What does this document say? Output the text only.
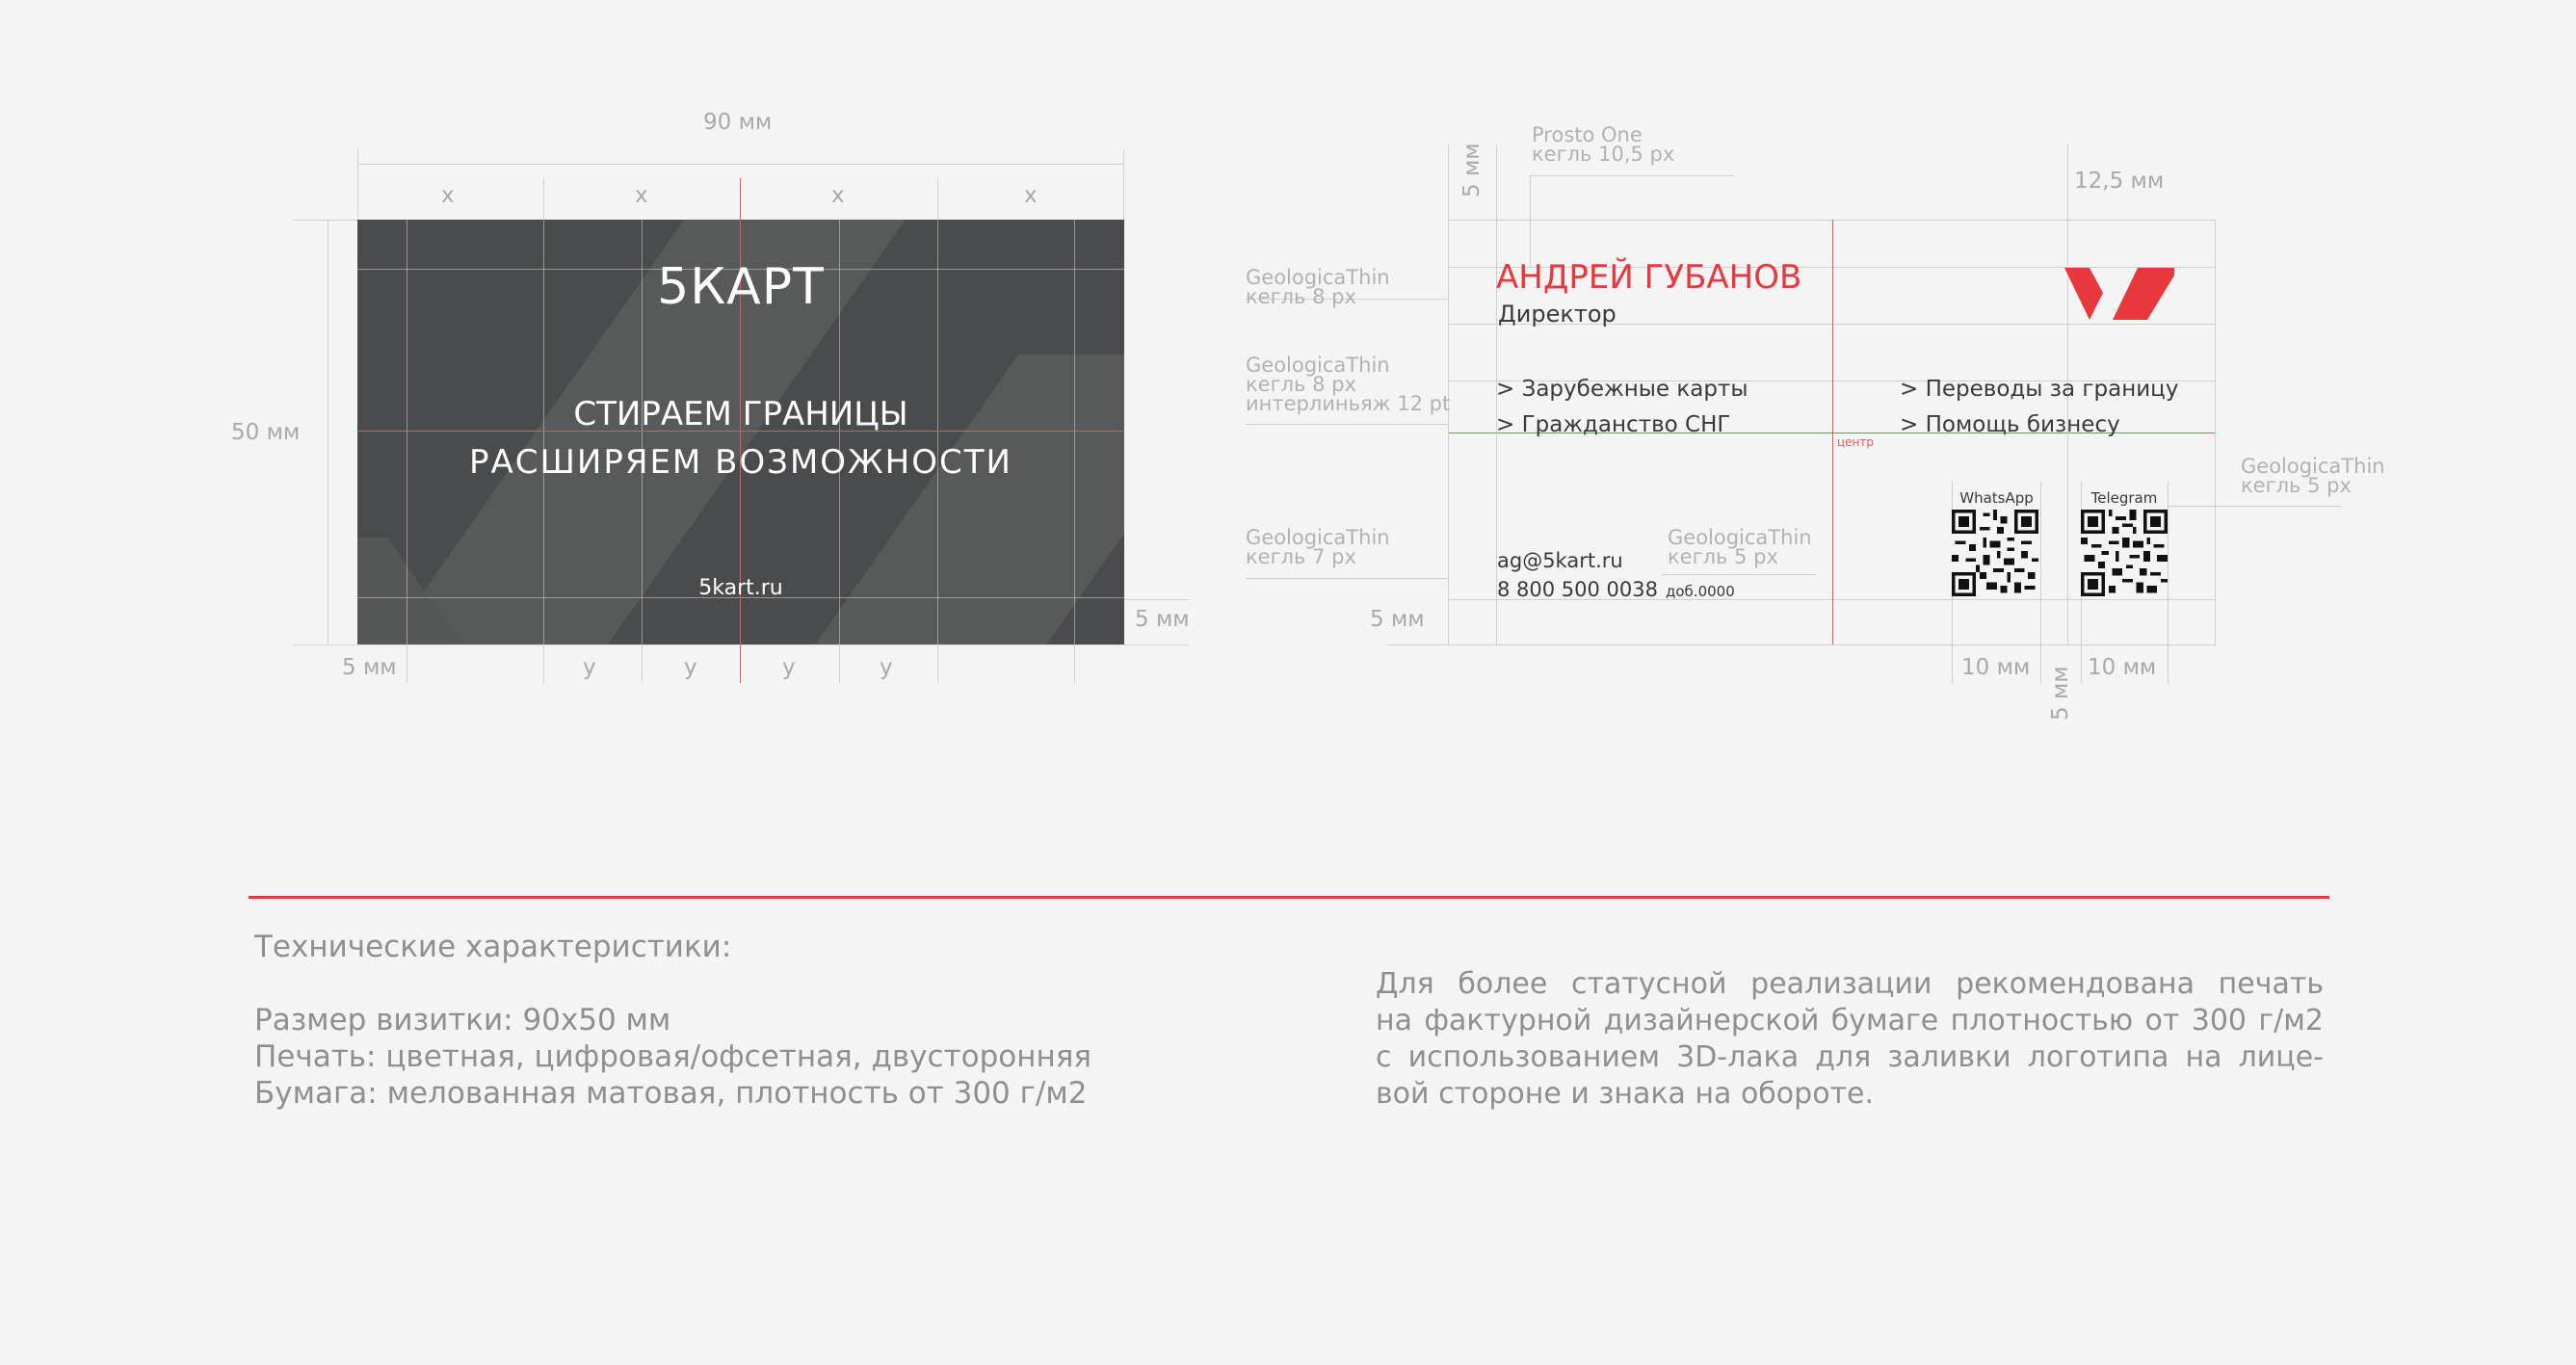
90 мм
x	x	x	x
50 мм
5КАРТ
СТИРАЕМ ГРАНИЦЫ
РАСШИРЯЕМ ВОЗМОЖНОСТИ
5kart.ru
5 мм
5 мм
у	у	у	у
5 мм	12,5 мм
5 мм
10 мм 5 мм 10 мм
Prosto One
кегль 10,5 px
GeologicaThin
кегль 8 px
GeologicaThin
кегль 8 px
интерлиньяж 12 pt
GeologicaThin
кегль 7 px
GeologicaThin
кегль 5 px
GeologicaThin
кегль 5 px
центр
АНДРЕЙ ГУБАНОВ
Директор
> Зарубежные карты
> Гражданство СНГ
> Переводы за границу
> Помощь бизнесу
ag@5kart.ru
8 800 500 0038 доб.0000
WhatsApp	Telegram
Технические характеристики:
Размер визитки: 90x50 мм
Печать: цветная, цифровая/офсетная, двусторонняя
Бумага: мелованная матовая, плотность от 300 г/м2
Для более статусной реализации рекомендована печать
на фактурной дизайнерской бумаге плотностью от 300 г/м2
с использованием 3D-лака для заливки логотипа на лице-
вой стороне и знака на обороте.
